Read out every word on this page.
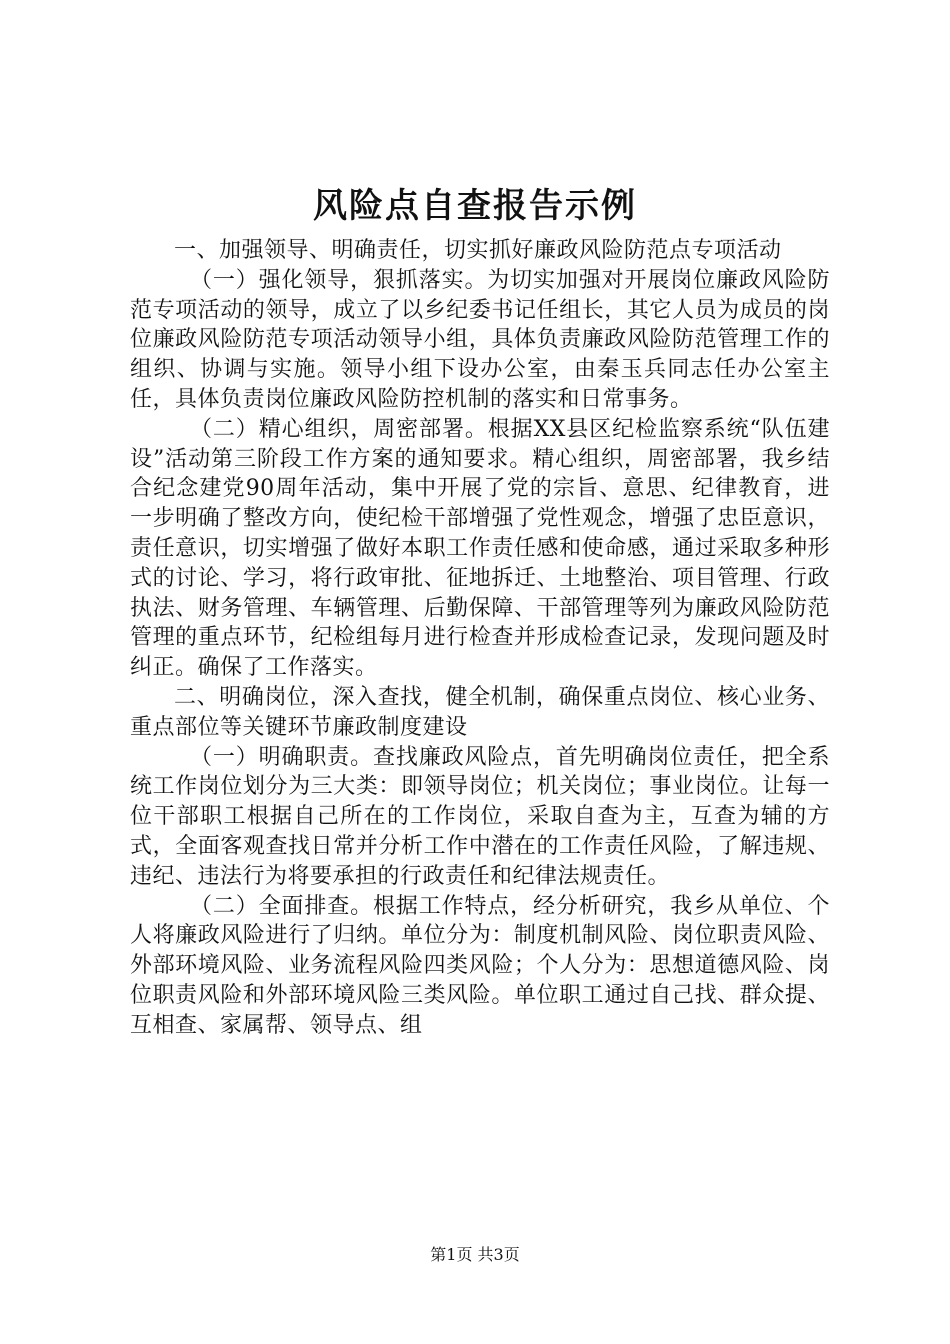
风险点自查报告示例

一、加强领导、明确责任，切实抓好廉政风险防范点专项活动

（一）强化领导，狠抓落实。为切实加强对开展岗位廉政风险防范专项活动的领导，成立了以乡纪委书记任组长，其它人员为成员的岗位廉政风险防范专项活动领导小组，具体负责廉政风险防范管理工作的组织、协调与实施。领导小组下设办公室，由秦玉兵同志任办公室主任，具体负责岗位廉政风险防控机制的落实和日常事务。

（二）精心组织，周密部署。根据XX县区纪检监察系统“队伍建设”活动第三阶段工作方案的通知要求。精心组织，周密部署，我乡结合纪念建党90周年活动，集中开展了党的宗旨、意思、纪律教育，进一步明确了整改方向，使纪检干部增强了党性观念，增强了忠臣意识，责任意识，切实增强了做好本职工作责任感和使命感，通过采取多种形式的讨论、学习，将行政审批、征地拆迁、土地整治、项目管理、行政执法、财务管理、车辆管理、后勤保障、干部管理等列为廉政风险防范管理的重点环节，纪检组每月进行检查并形成检查记录，发现问题及时纠正。确保了工作落实。

二、明确岗位，深入查找，健全机制，确保重点岗位、核心业务、重点部位等关键环节廉政制度建设

（一）明确职责。查找廉政风险点，首先明确岗位责任，把全系统工作岗位划分为三大类：即领导岗位；机关岗位；事业岗位。让每一位干部职工根据自己所在的工作岗位，采取自查为主，互查为辅的方式，全面客观查找日常并分析工作中潜在的工作责任风险，了解违规、违纪、违法行为将要承担的行政责任和纪律法规责任。

（二）全面排查。根据工作特点，经分析研究，我乡从单位、个人将廉政风险进行了归纳。单位分为：制度机制风险、岗位职责风险、外部环境风险、业务流程风险四类风险；个人分为：思想道德风险、岗位职责风险和外部环境风险三类风险。单位职工通过自己找、群众提、互相查、家属帮、领导点、组

第1页 共3页
